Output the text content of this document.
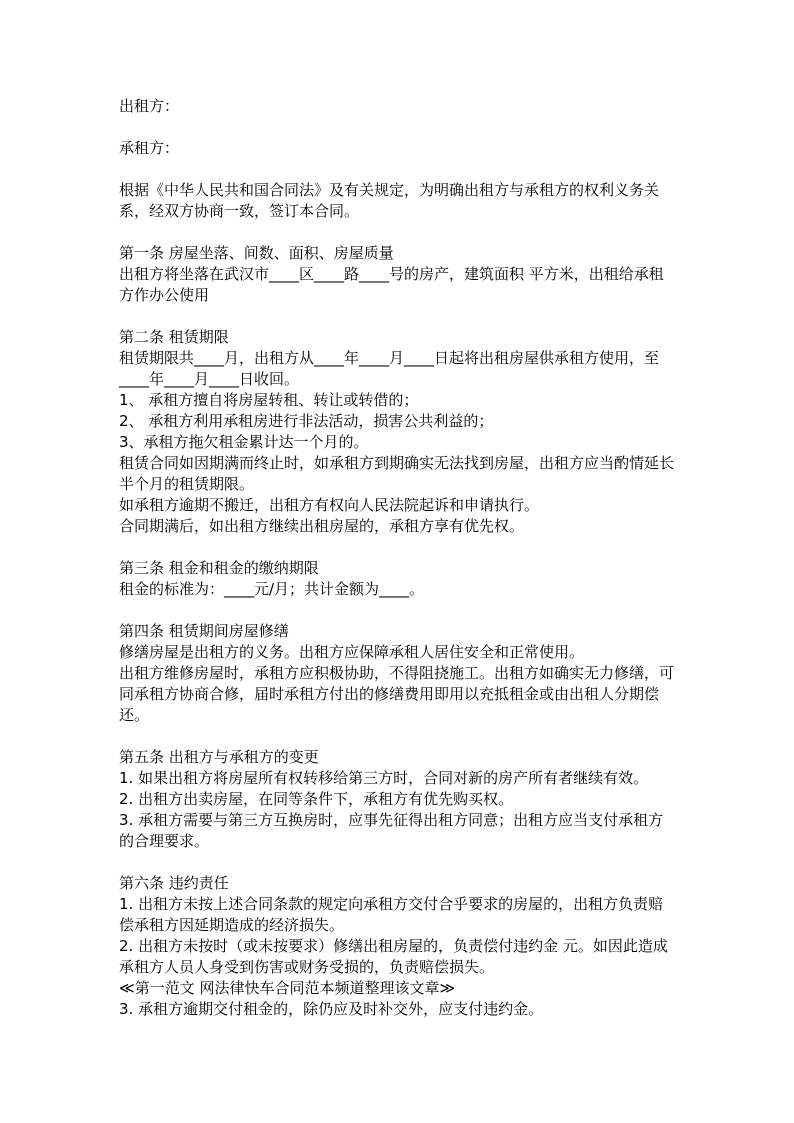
出租方：

承租方：

根据《中华人民共和国合同法》及有关规定，为明确出租方与承租方的权利义务关系，经双方协商一致，签订本合同。

第一条 房屋坐落、间数、面积、房屋质量

出租方将坐落在武汉市____区____路____号的房产，建筑面积 平方米，出租给承租方作办公使用

第二条 租赁期限

租赁期限共____月，出租方从____年____月____日起将出租房屋供承租方使用，至____年____月____日收回。

1、 承租方擅自将房屋转租、转让或转借的；

2、 承租方利用承租房进行非法活动，损害公共利益的；

3、承租方拖欠租金累计达一个月的。

租赁合同如因期满而终止时，如承租方到期确实无法找到房屋，出租方应当酌情延长半个月的租赁期限。

如承租方逾期不搬迁，出租方有权向人民法院起诉和申请执行。

合同期满后，如出租方继续出租房屋的，承租方享有优先权。

第三条 租金和租金的缴纳期限

租金的标准为：____元/月；共计金额为____。

第四条 租赁期间房屋修缮

修缮房屋是出租方的义务。出租方应保障承租人居住安全和正常使用。

出租方维修房屋时，承租方应积极协助，不得阻挠施工。出租方如确实无力修缮，可同承租方协商合修，届时承租方付出的修缮费用即用以充抵租金或由出租人分期偿还。

第五条 出租方与承租方的变更

1. 如果出租方将房屋所有权转移给第三方时，合同对新的房产所有者继续有效。

2. 出租方出卖房屋，在同等条件下，承租方有优先购买权。

3. 承租方需要与第三方互换房时，应事先征得出租方同意；出租方应当支付承租方的合理要求。

第六条 违约责任

1. 出租方未按上述合同条款的规定向承租方交付合乎要求的房屋的，出租方负责赔偿承租方因延期造成的经济损失。

2. 出租方未按时（或未按要求）修缮出租房屋的，负责偿付违约金 元。如因此造成承租方人员人身受到伤害或财务受损的，负责赔偿损失。

≪第一范文 网法律快车合同范本频道整理该文章≫

3. 承租方逾期交付租金的，除仍应及时补交外，应支付违约金。
